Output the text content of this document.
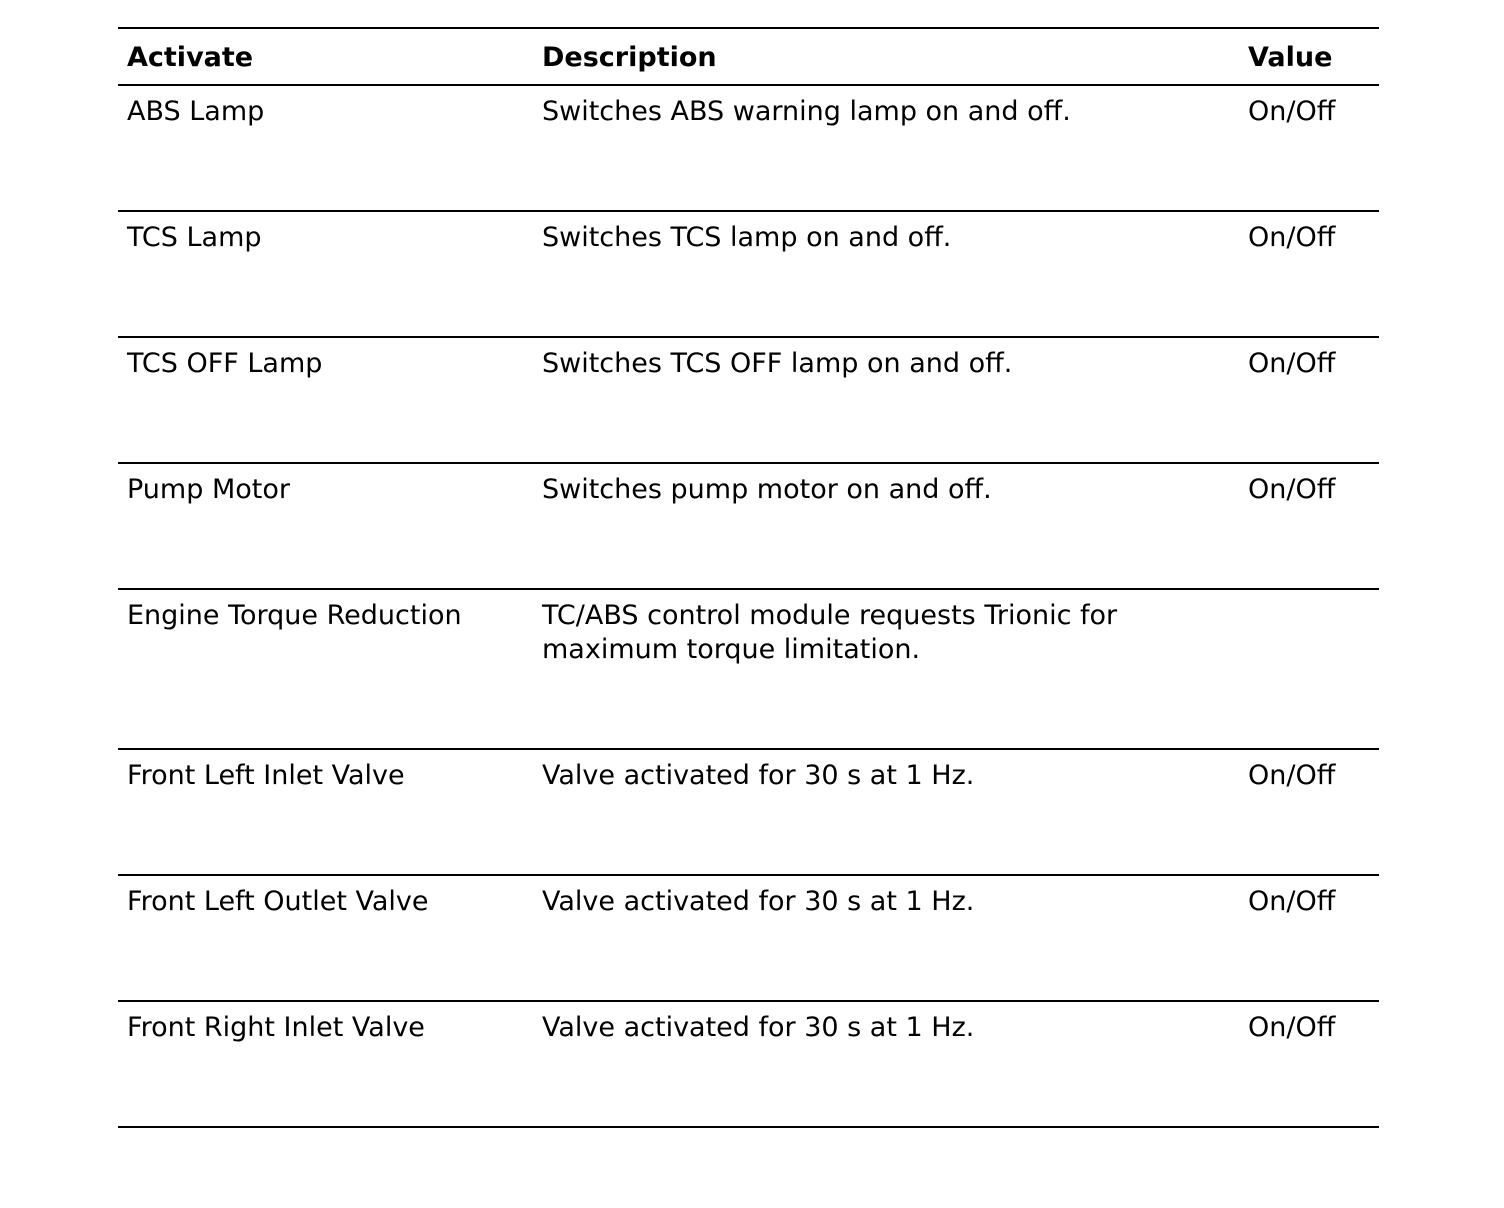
Activate	Description	Value
ABS Lamp	Switches ABS warning lamp on and off.	On/Off
TCS Lamp	Switches TCS lamp on and off.	On/Off
TCS OFF Lamp	Switches TCS OFF lamp on and off.	On/Off
Pump Motor	Switches pump motor on and off.	On/Off
Engine Torque Reduction	TC/ABS control module requests Trionic for
maximum torque limitation.
Front Left Inlet Valve	Valve activated for 30 s at 1 Hz.	On/Off
Front Left Outlet Valve	Valve activated for 30 s at 1 Hz.	On/Off
Front Right Inlet Valve	Valve activated for 30 s at 1 Hz.	On/Off
